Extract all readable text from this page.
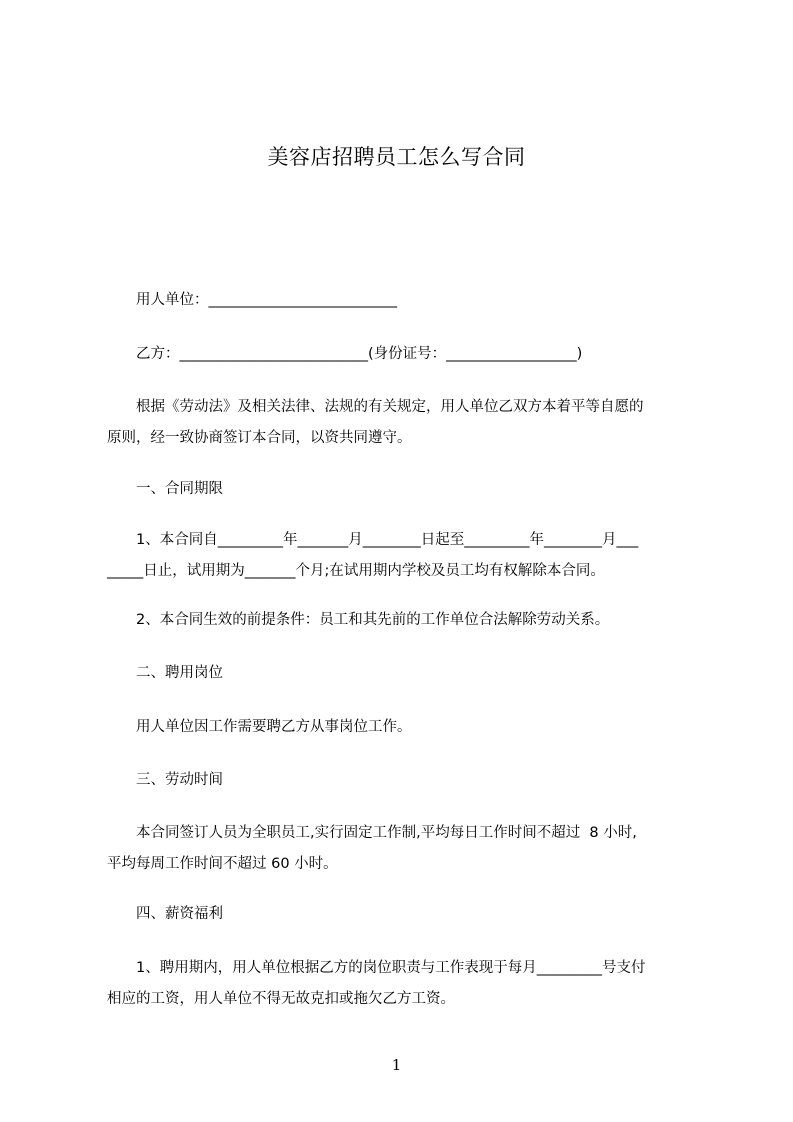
美容店招聘员工怎么写合同
用人单位：__________________________
乙方：__________________________(身份证号：__________________)
根据《劳动法》及相关法律、法规的有关规定，用人单位乙双方本着平等自愿的
原则，经一致协商签订本合同，以资共同遵守。
一、合同期限
1、本合同自_________年_______月________日起至_________年________月___
_____日止，试用期为_______个月;在试用期内学校及员工均有权解除本合同。
2、本合同生效的前提条件：员工和其先前的工作单位合法解除劳动关系。
二、聘用岗位
用人单位因工作需要聘乙方从事岗位工作。
三、劳动时间
本合同签订人员为全职员工,实行固定工作制,平均每日工作时间不超过  8 小时,
平均每周工作时间不超过 60 小时。
四、薪资福利
1、聘用期内，用人单位根据乙方的岗位职责与工作表现于每月_________号支付
相应的工资，用人单位不得无故克扣或拖欠乙方工资。
1
